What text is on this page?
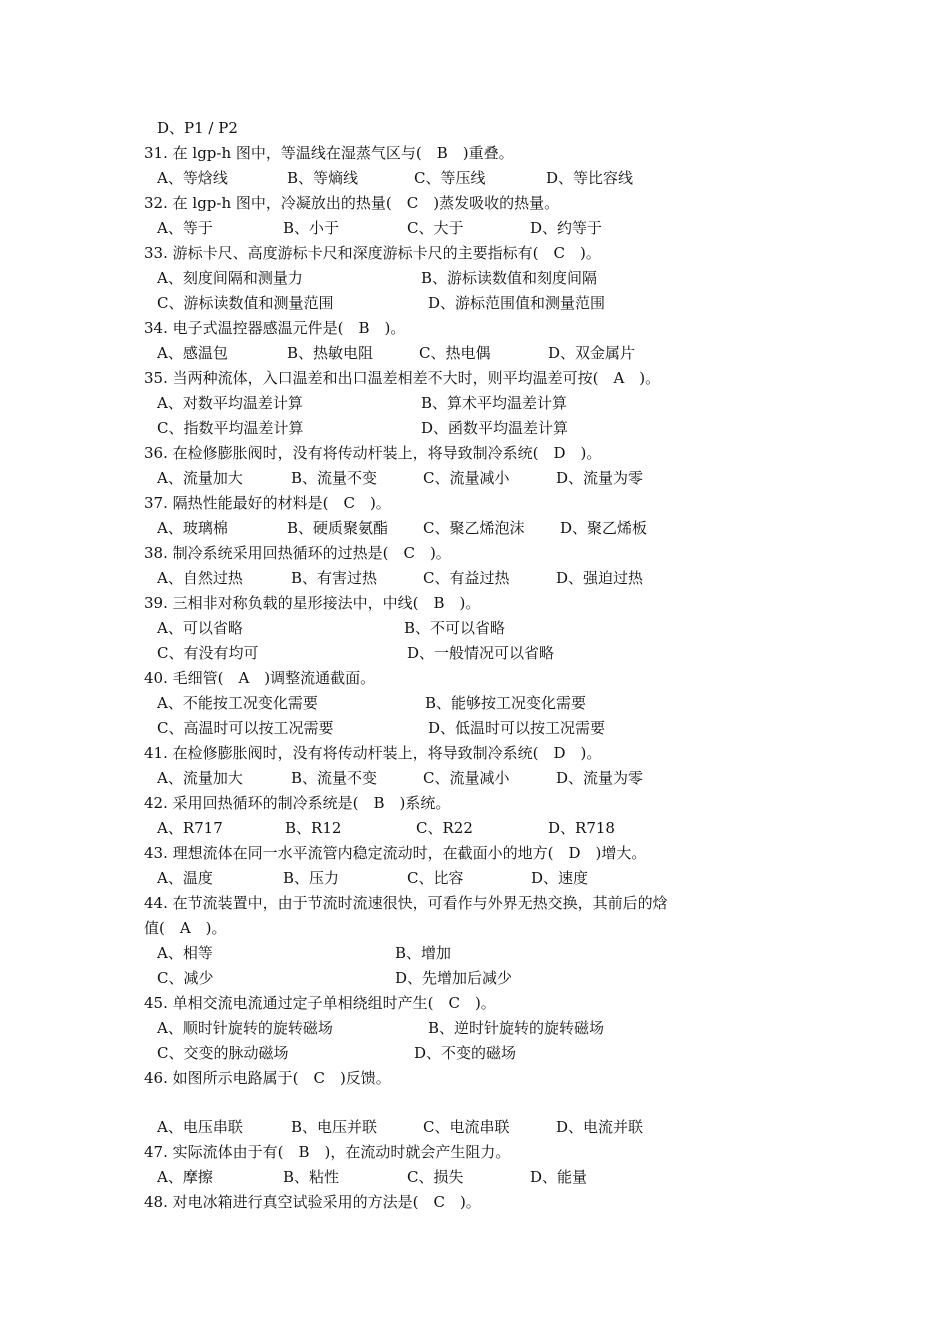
D、P1 / P2
31. 在 lgp-h 图中，等温线在湿蒸气区与(　B　)重叠。
A、等焓线	B、等熵线	C、等压线	D、等比容线
32. 在 lgp-h 图中，冷凝放出的热量(　C　)蒸发吸收的热量。
A、等于	B、小于	C、大于	D、约等于
33. 游标卡尺、高度游标卡尺和深度游标卡尺的主要指标有(　C　)。
A、刻度间隔和测量力	B、游标读数值和刻度间隔
C、游标读数值和测量范围	D、游标范围值和测量范围
34. 电子式温控器感温元件是(　B　)。
A、感温包	B、热敏电阻	C、热电偶	D、双金属片
35. 当两种流体，入口温差和出口温差相差不大时，则平均温差可按(　A　)。
A、对数平均温差计算	B、算术平均温差计算
C、指数平均温差计算	D、函数平均温差计算
36. 在检修膨胀阀时，没有将传动杆装上，将导致制冷系统(　D　)。
A、流量加大	B、流量不变	C、流量减小	D、流量为零
37. 隔热性能最好的材料是(　C　)。
A、玻璃棉	B、硬质聚氨酯 C、聚乙烯泡沫 D、聚乙烯板
38. 制冷系统采用回热循环的过热是(　C　)。
A、自然过热	B、有害过热	C、有益过热	D、强迫过热
39. 三相非对称负载的星形接法中，中线(　B　)。
A、可以省略	B、不可以省略
C、有没有均可	D、一般情况可以省略
40. 毛细管(　A　)调整流通截面。
A、不能按工况变化需要	B、能够按工况变化需要
C、高温时可以按工况需要	D、低温时可以按工况需要
41. 在检修膨胀阀时，没有将传动杆装上，将导致制冷系统(　D　)。
A、流量加大	B、流量不变	C、流量减小	D、流量为零
42. 采用回热循环的制冷系统是(　B　)系统。
A、R717	B、R12	C、R22	D、R718
43. 理想流体在同一水平流管内稳定流动时，在截面小的地方(　D　)增大。
A、温度	B、压力	C、比容	D、速度
44. 在节流装置中，由于节流时流速很快，可看作与外界无热交换，其前后的焓
值(　A　)。
A、相等	B、增加
C、减少	D、先增加后减少
45. 单相交流电流通过定子单相绕组时产生(　C　)。
A、顺时针旋转的旋转磁场	B、逆时针旋转的旋转磁场
C、交变的脉动磁场	D、不变的磁场
46. 如图所示电路属于(　C　)反馈。
A、电压串联	B、电压并联	C、电流串联	D、电流并联
47. 实际流体由于有(　B　)，在流动时就会产生阻力。
A、摩擦	B、粘性	C、损失	D、能量
48. 对电冰箱进行真空试验采用的方法是(　C　)。
